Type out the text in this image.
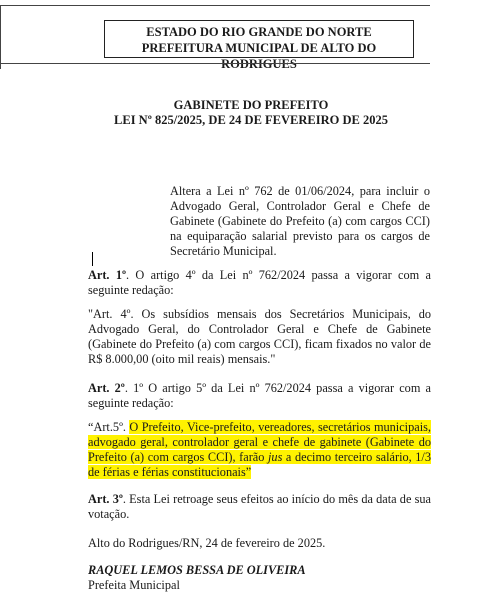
ESTADO DO RIO GRANDE DO NORTE
PREFEITURA MUNICIPAL DE ALTO DO RODRIGUES
GABINETE DO PREFEITO
LEI Nº 825/2025, DE 24 DE FEVEREIRO DE 2025
Altera a Lei nº 762 de 01/06/2024, para incluir o Advogado Geral, Controlador Geral e Chefe de Gabinete (Gabinete do Prefeito (a) com cargos CCI) na equiparação salarial previsto para os cargos de Secretário Municipal.
Art. 1º. O artigo 4º da Lei nº 762/2024 passa a vigorar com a seguinte redação:
"Art. 4º. Os subsídios mensais dos Secretários Municipais, do Advogado Geral, do Controlador Geral e Chefe de Gabinete (Gabinete do Prefeito (a) com cargos CCI), ficam fixados no valor de R$ 8.000,00 (oito mil reais) mensais."
Art. 2º. 1º O artigo 5º da Lei nº 762/2024 passa a vigorar com a seguinte redação:
“Art.5º. O Prefeito, Vice-prefeito, vereadores, secretários municipais, advogado geral, controlador geral e chefe de gabinete (Gabinete do Prefeito (a) com cargos CCI), farão jus a decimo terceiro salário, 1/3 de férias e férias constitucionais”
Art. 3º. Esta Lei retroage seus efeitos ao início do mês da data de sua votação.
Alto do Rodrigues/RN, 24 de fevereiro de 2025.
RAQUEL LEMOS BESSA DE OLIVEIRA
Prefeita Municipal
